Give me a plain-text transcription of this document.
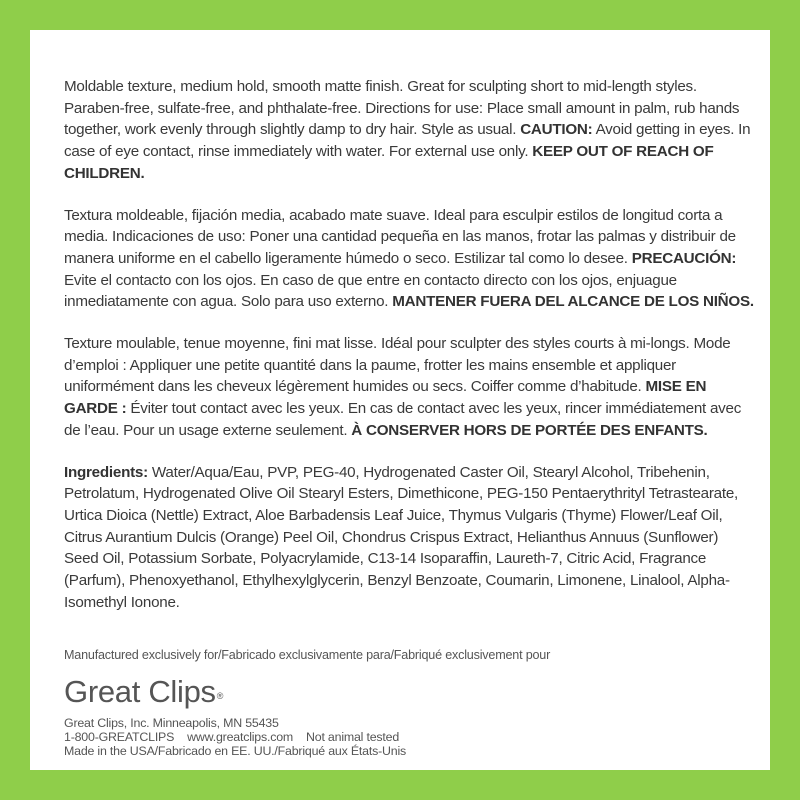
Moldable texture, medium hold, smooth matte finish. Great for sculpting short to mid-length styles. Paraben-free, sulfate-free, and phthalate-free. Directions for use: Place small amount in palm, rub hands together, work evenly through slightly damp to dry hair. Style as usual. CAUTION: Avoid getting in eyes. In case of eye contact, rinse immediately with water. For external use only. KEEP OUT OF REACH OF CHILDREN.

Textura moldeable, fijación media, acabado mate suave. Ideal para esculpir estilos de longitud corta a media. Indicaciones de uso: Poner una cantidad pequeña en las manos, frotar las palmas y distribuir de manera uniforme en el cabello ligeramente húmedo o seco. Estilizar tal como lo desee. PRECAUCIÓN: Evite el contacto con los ojos. En caso de que entre en contacto directo con los ojos, enjuague inmediatamente con agua. Solo para uso externo. MANTENER FUERA DEL ALCANCE DE LOS NIÑOS.

Texture moulable, tenue moyenne, fini mat lisse. Idéal pour sculpter des styles courts à mi-longs. Mode d’emploi : Appliquer une petite quantité dans la paume, frotter les mains ensemble et appliquer uniformément dans les cheveux légèrement humides ou secs. Coiffer comme d’habitude. MISE EN GARDE : Éviter tout contact avec les yeux. En cas de contact avec les yeux, rincer immédiatement avec de l’eau. Pour un usage externe seulement. À CONSERVER HORS DE PORTÉE DES ENFANTS.

Ingredients: Water/Aqua/Eau, PVP, PEG-40, Hydrogenated Caster Oil, Stearyl Alcohol, Tribehenin, Petrolatum, Hydrogenated Olive Oil Stearyl Esters, Dimethicone, PEG-150 Pentaerythrityl Tetrastearate, Urtica Dioica (Nettle) Extract, Aloe Barbadensis Leaf Juice, Thymus Vulgaris (Thyme) Flower/Leaf Oil, Citrus Aurantium Dulcis (Orange) Peel Oil, Chondrus Crispus Extract, Helianthus Annuus (Sunflower) Seed Oil, Potassium Sorbate, Polyacrylamide, C13-14 Isoparaffin, Laureth-7, Citric Acid, Fragrance (Parfum), Phenoxyethanol, Ethylhexylglycerin, Benzyl Benzoate, Coumarin, Limonene, Linalool, Alpha-Isomethyl Ionone.

Manufactured exclusively for/Fabricado exclusivamente para/Fabriqué exclusivement pour

Great Clips®

Great Clips, Inc. Minneapolis, MN 55435

1-800-GREATCLIPS    www.greatclips.com    Not animal tested

Made in the USA/Fabricado en EE. UU./Fabriqué aux États-Unis
